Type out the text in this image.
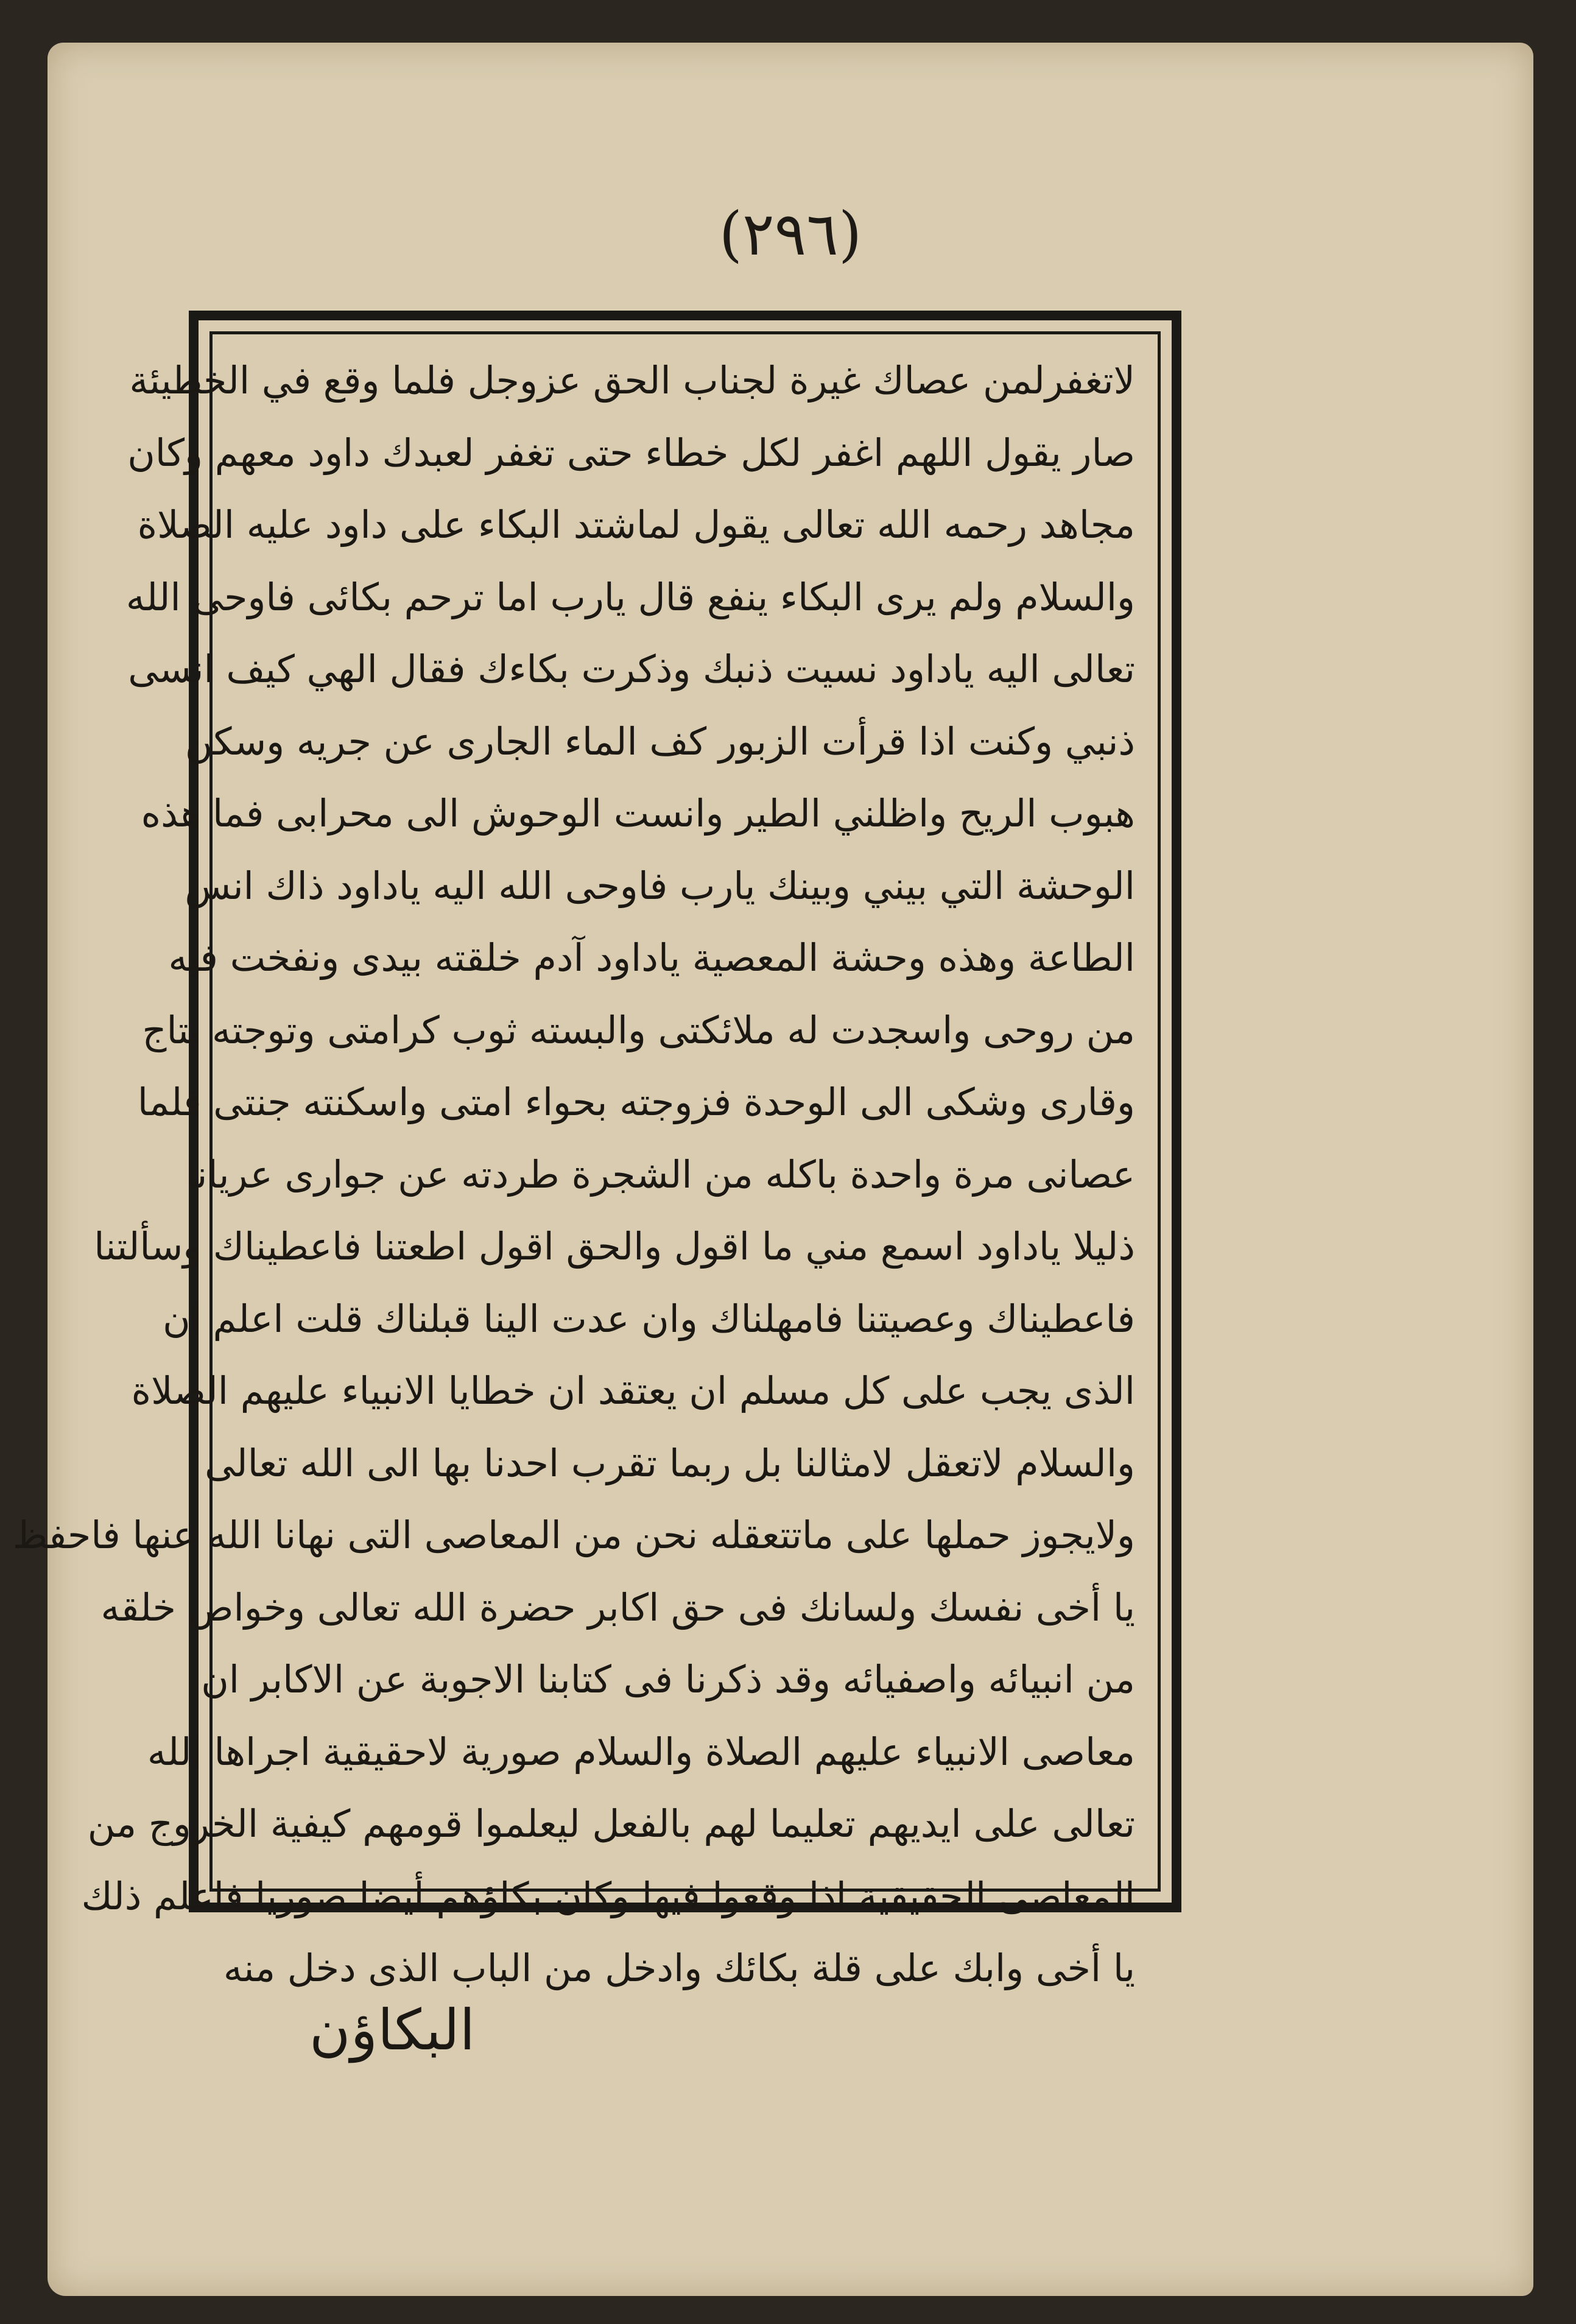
(٢٩٦)
لاتغفرلمن عصاك غيرة لجناب الحق عزوجل فلما وقع في الخطيئة
صار يقول اللهم اغفر لكل خطاء حتى تغفر لعبدك داود معهم وكان
مجاهد رحمه الله تعالى يقول لماشتد البكاء على داود عليه الصلاة
والسلام ولم يرى البكاء ينفع قال يارب اما ترحم بكائى فاوحى الله
تعالى اليه ياداود نسيت ذنبك وذكرت بكاءك فقال الهي كيف انسى
ذنبي وكنت اذا قرأت الزبور كف الماء الجارى عن جريه وسكن
هبوب الريح واظلني الطير وانست الوحوش الى محرابى فما هذه
الوحشة التي بيني وبينك يارب فاوحى الله اليه ياداود ذاك انس
الطاعة وهذه وحشة المعصية ياداود آدم خلقته بيدى ونفخت فيه
من روحى واسجدت له ملائكتى والبسته ثوب كرامتى وتوجته بتاج
وقارى وشكى الى الوحدة فزوجته بحواء امتى واسكنته جنتى فلما
عصانى مرة واحدة باكله من الشجرة طردته عن جوارى عريانا
ذليلا ياداود اسمع مني ما اقول والحق اقول اطعتنا فاعطيناك وسألتنا
فاعطيناك وعصيتنا فامهلناك وان عدت الينا قبلناك قلت اعلم ان
الذى يجب على كل مسلم ان يعتقد ان خطايا الانبياء عليهم الصلاة
والسلام لاتعقل لامثالنا بل ربما تقرب احدنا بها الى الله تعالى
ولايجوز حملها على ماتتعقله نحن من المعاصى التى نهانا الله عنها فاحفظ
يا أخى نفسك ولسانك فى حق اكابر حضرة الله تعالى وخواص خلقه
من انبيائه واصفيائه وقد ذكرنا فى كتابنا الاجوبة عن الاكابر ان
معاصى الانبياء عليهم الصلاة والسلام صورية لاحقيقية اجراها الله
تعالى على ايديهم تعليما لهم بالفعل ليعلموا قومهم كيفية الخروج من
المعاصى الحقيقية اذا وقعوا فيها وكان بكاؤهم أيضا صوريا فاعلم ذلك
يا أخى وابك على قلة بكائك وادخل من الباب الذى دخل منه
البكاؤن
